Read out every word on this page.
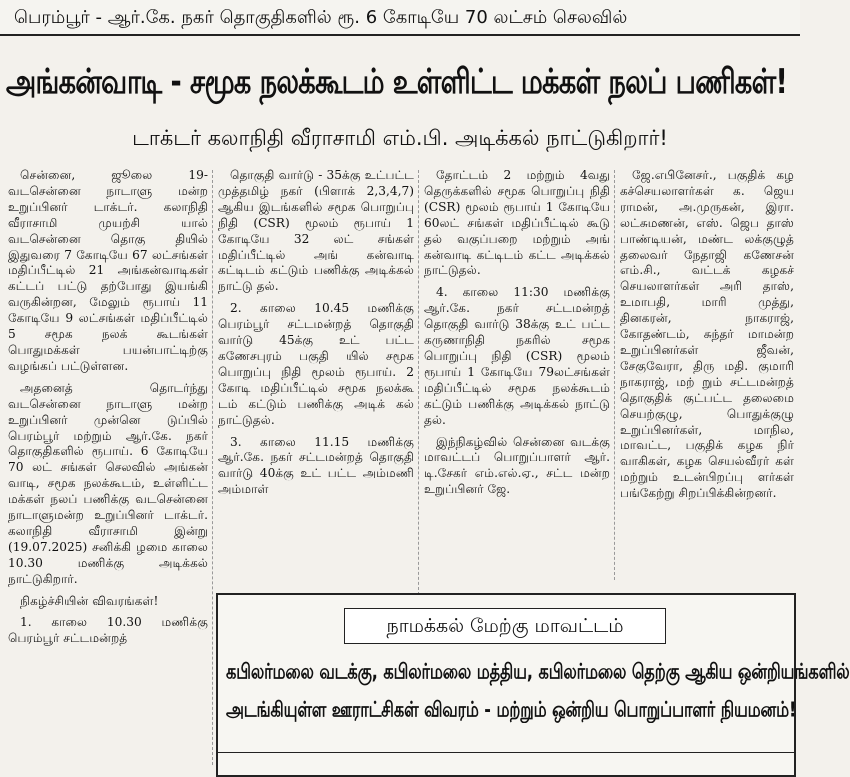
பெரம்பூர் - ஆர்.கே. நகர் தொகுதிகளில் ரூ. 6 கோடியே 70 லட்சம் செலவில்
அங்கன்வாடி - சமூக நலக்கூடம் உள்ளிட்ட மக்கள் நலப் பணிகள்!
டாக்டர் கலாநிதி வீராசாமி எம்.பி. அடிக்கல் நாட்டுகிறார்!

சென்னை, ஜூலை 19- வடசென்னை நாடாளு மன்ற உறுப்பினர் டாக்டர். கலாநிதி வீராசாமி முயற்சி யால் வடசென்னை தொகு தியில் இதுவரை 7 கோடியே 67 லட்சங்கள் மதிப்பீட்டில் 21 அங்கன்வாடிகள் கட்டப் பட்டு தற்போது இயங்கி வருகின்றன, மேலும் ரூபாய் 11 கோடியே 9 லட்சங்கள் மதிப்பீட்டில் 5 சமூக நலக் கூடங்கள் பொதுமக்கள் பயன்பாட்டிற்கு வழங்கப் பட்டுள்ளன.

அதனைத் தொடர்ந்து வடசென்னை நாடாளு மன்ற உறுப்பினர் முன்னெ டுப்பில் பெரம்பூர் மற்றும் ஆர்.கே. நகர் தொகுதிகளில் ரூபாய். 6 கோடியே 70 லட் சங்கள் செலவில் அங்கன் வாடி, சமூக நலக்கூடம், உள்ளிட்ட மக்கள் நலப் பணிக்கு வடசென்னை நாடாளுமன்ற உறுப்பினர் டாக்டர். கலாநிதி வீராசாமி இன்று (19.07.2025) சனிக்கி ழமை காலை 10.30 மணிக்கு அடிக்கல் நாட்டுகிறார்.

நிகழ்ச்சியின் விவரங்கள்!

1. காலை 10.30 மணிக்கு பெரம்பூர் சட்டமன்றத்

தொகுதி வார்டு - 35க்கு உட்பட்ட முத்தமிழ் நகர் (பிளாக் 2,3,4,7) ஆகிய இடங்களில் சமூக பொறுப்பு நிதி (CSR) மூலம் ரூபாய் 1 கோடியே 32 லட் சங்கள் மதிப்பீட்டில் அங் கன்வாடி கட்டிடம் கட்டும் பணிக்கு அடிக்கல் நாட்டு தல்.

2. காலை 10.45 மணிக்கு பெரம்பூர் சட்டமன்றத் தொகுதி வார்டு 45க்கு உட் பட்ட கணேசபுரம் பகுதி யில் சமூக பொறுப்பு நிதி மூலம் ரூபாய். 2 கோடி மதிப்பீட்டில் சமூக நலக்கூ டம் கட்டும் பணிக்கு அடிக் கல் நாட்டுதல்.

3. காலை 11.15 மணிக்கு ஆர்.கே. நகர் சட்டமன்றத் தொகுதி வார்டு 40க்கு உட் பட்ட அம்மணி அம்மாள்

தோட்டம் 2 மற்றும் 4வது தெருக்களில் சமூக பொறுப்பு நிதி (CSR) மூலம் ரூபாய் 1 கோடியே 60லட் சங்கள் மதிப்பீட்டில் கூடு தல் வகுப்பறை மற்றும் அங் கன்வாடி கட்டிடம் கட்ட அடிக்கல் நாட்டுதல்.

4. காலை 11:30 மணிக்கு ஆர்.கே. நகர் சட்டமன்றத் தொகுதி வார்டு 38க்கு உட் பட்ட கருணாநிதி நகரில் சமூக பொறுப்பு நிதி (CSR) மூலம் ரூபாய் 1 கோடியே 79லட்சங்கள் மதிப்பீட்டில் சமூக நலக்கூடம் கட்டும் பணிக்கு அடிக்கல் நாட்டு தல்.

இந்நிகழ்வில் சென்னை வடக்கு மாவட்டப் பொறுப்பாளர் ஆர். டி.சேகர் எம்.எல்.ஏ., சட்ட மன்ற உறுப்பினர் ஜே.

ஜே.எபினேசர்., பகுதிக் கழ கச்செயலாளர்கள் க. ஜெய ராமன், அ.முருகன், இரா. லட்சுமணன், எஸ். ஜெப தாஸ் பாண்டியன், மண்ட லக்குழுத் தலைவர் நேதாஜி கணேசன் எம்.சி., வட்டக் கழகச் செயலாளர்கள் அரி தாஸ், உமாபதி, மாரி முத்து, தினகரன், நாகராஜ், கோதண்டம், சுந்தர் மாமன்ற உறுப்பினர்கள் ஜீவன், சேகுவேரா, திரு மதி. குமாரி நாகராஜ், மற் றும் சட்டமன்றத் தொகுதிக் குட்பட்ட தலைமை செயற்குழு, பொதுக்குழு உறுப்பினர்கள், மாநில, மாவட்ட, பகுதிக் கழக நிர் வாகிகள், கழக செயல்வீரர் கள் மற்றும் உடன்பிறப்பு ளர்கள் பங்கேற்று சிறப்பிக்கின்றனர்.

நாமக்கல் மேற்கு மாவட்டம்
கபிலர்மலை வடக்கு, கபிலர்மலை மத்திய, கபிலர்மலை தெற்கு ஆகிய ஒன்றியங்களில்
அடங்கியுள்ள ஊராட்சிகள் விவரம் - மற்றும் ஒன்றிய பொறுப்பாளர் நியமனம்!
